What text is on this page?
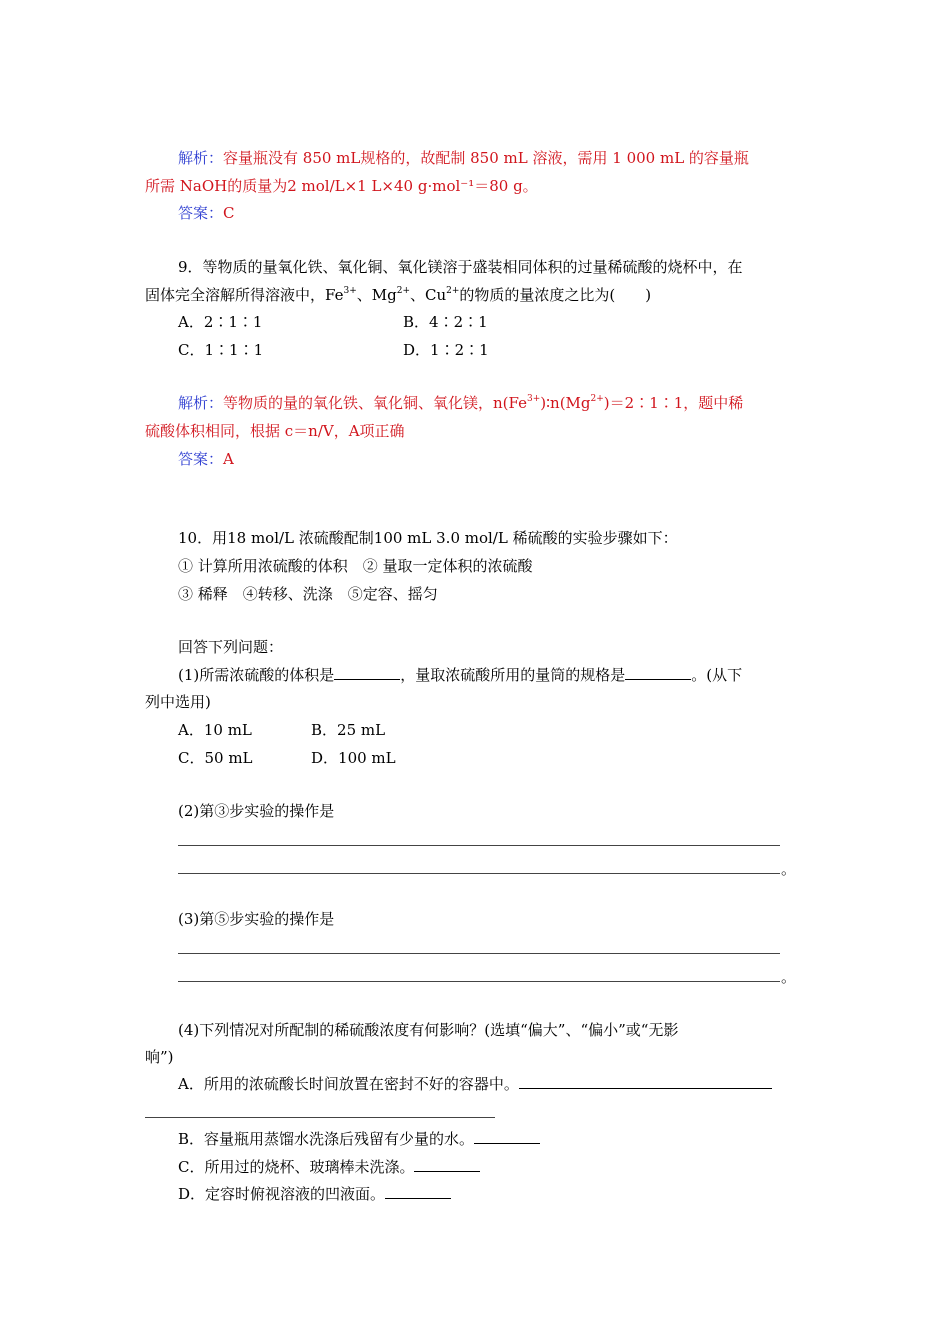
解析：容量瓶没有 850 mL规格的，故配制 850 mL 溶液，需用 1 000 mL 的容量瓶
所需 NaOH的质量为2 mol/L×1 L×40 g·mol⁻¹＝80 g。
答案：C
9．等物质的量氧化铁、氧化铜、氧化镁溶于盛装相同体积的过量稀硫酸的烧杯中，在
固体完全溶解所得溶液中，$Fe^{3+}$、$Mg^{2+}$、$Cu^{2+}$的物质的量浓度之比为(　　)
A．2∶1∶1	B．4∶2∶1
C．1∶1∶1	D．1∶2∶1
解析：等物质的量的氧化铁、氧化铜、氧化镁，$n(Fe^{3+})∶n(Mg^{2+})=2∶1∶1$，题中稀
硫酸体积相同，根据 c＝n/V，A项正确
答案：A
10．用18 mol/L 浓硫酸配制100 mL 3.0 mol/L 稀硫酸的实验步骤如下：
① 计算所用浓硫酸的体积　② 量取一定体积的浓硫酸
③ 稀释　④转移、洗涤　⑤定容、摇匀
回答下列问题：
(1)所需浓硫酸的体积是	，量取浓硫酸所用的量筒的规格是	。(从下
列中选用)
A．10 mL	B．25 mL
C．50 mL	D．100 mL
(2)第③步实验的操作是
。
(3)第⑤步实验的操作是
。
(4)下列情况对所配制的稀硫酸浓度有何影响？(选填“偏大”、“偏小”或“无影
响”)
A．所用的浓硫酸长时间放置在密封不好的容器中。
B．容量瓶用蒸馏水洗涤后残留有少量的水。
C．所用过的烧杯、玻璃棒未洗涤。
D．定容时俯视溶液的凹液面。
